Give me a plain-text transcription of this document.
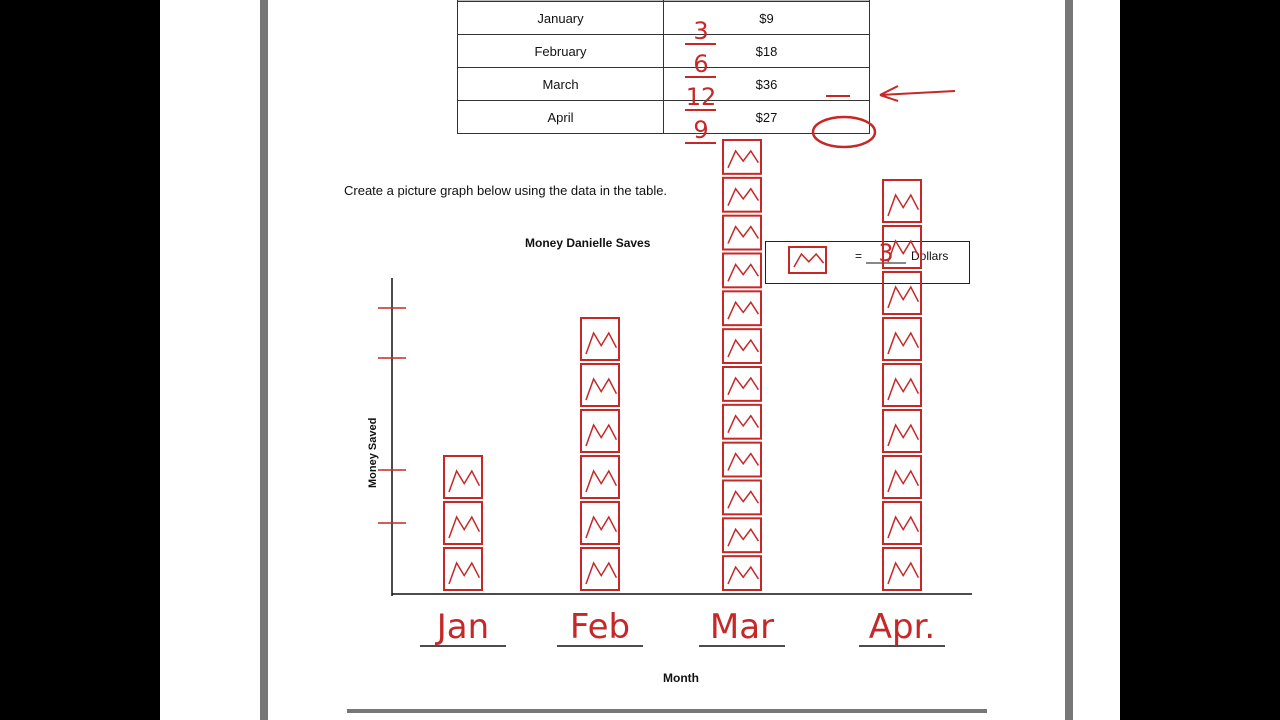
January	$9
February	$18
March	$36
April	$27
Create a picture graph below using the data in the table.
Money Danielle Saves
Money Saved
Month
=	Dollars
3
6
12
9
3
Jan Feb Mar	Apr.
